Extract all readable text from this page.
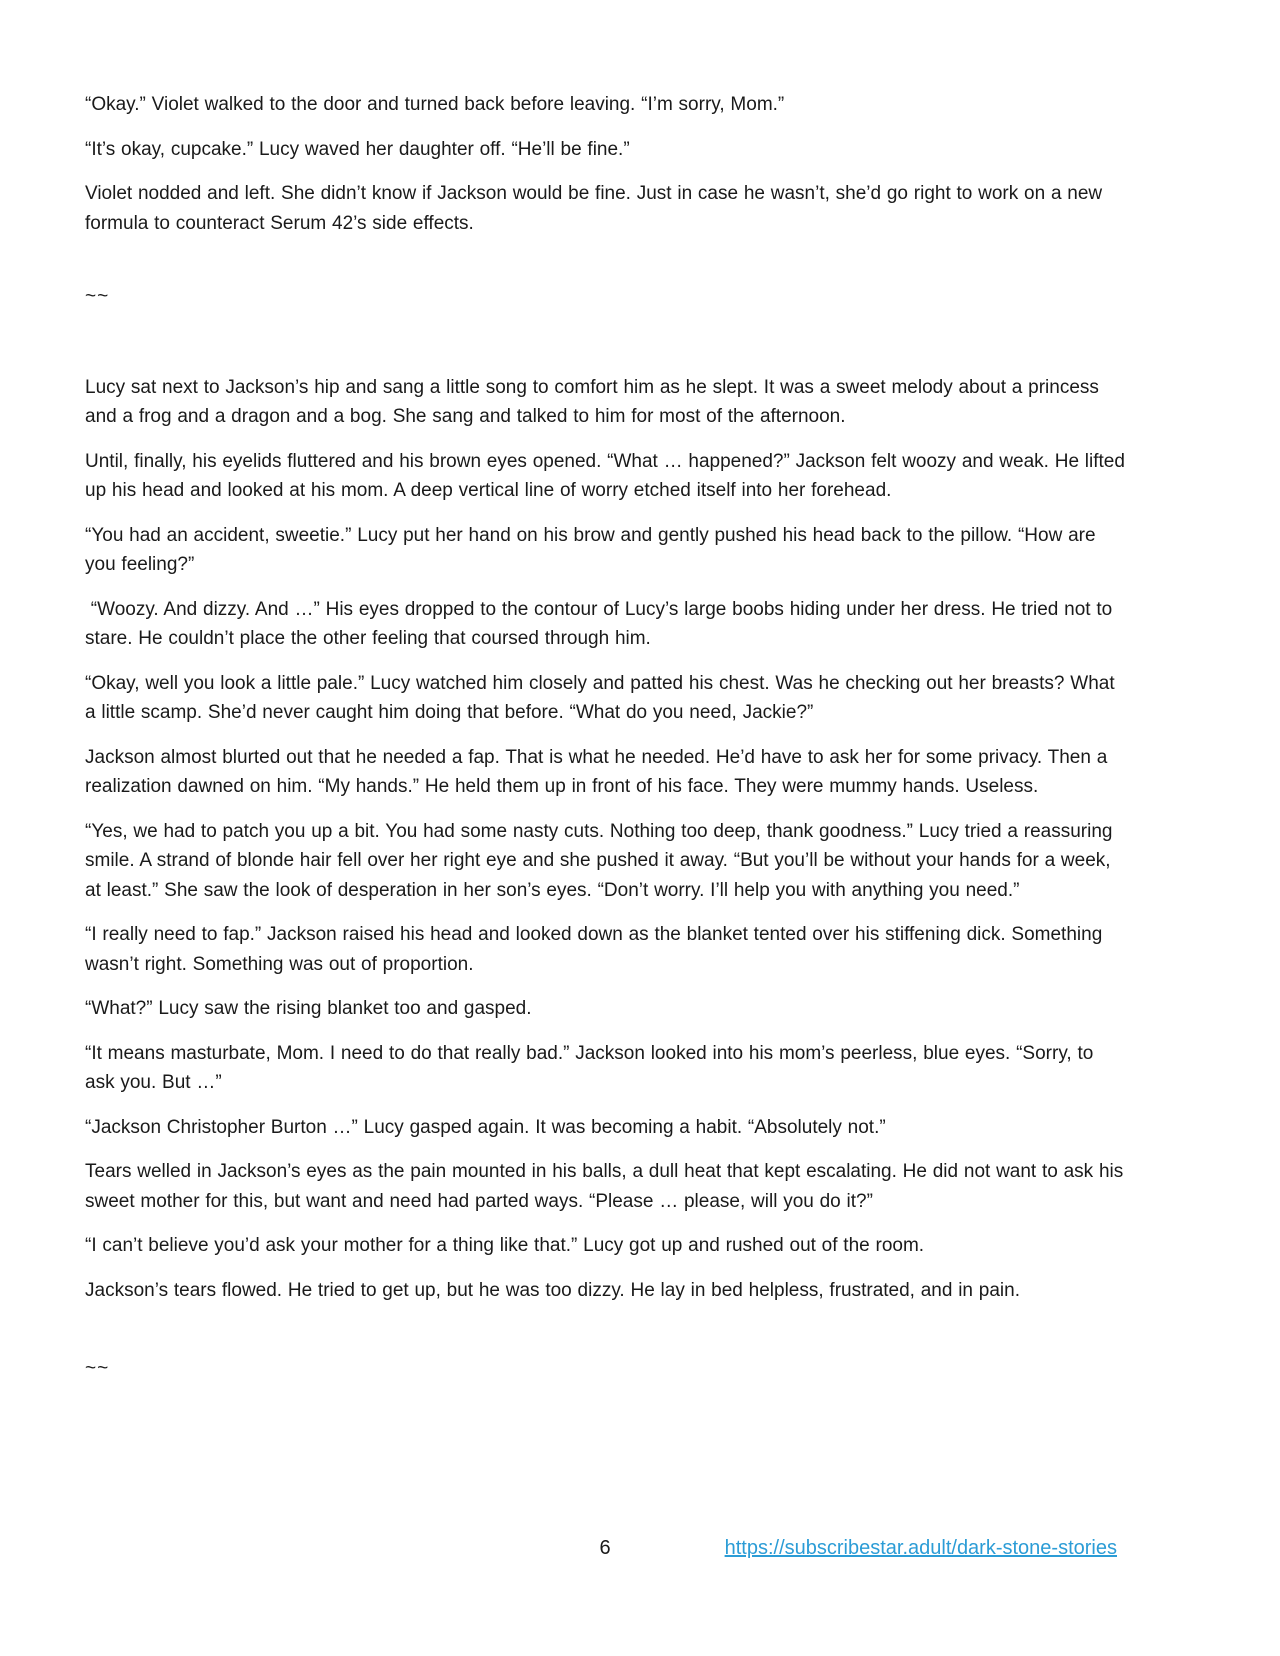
“Okay.” Violet walked to the door and turned back before leaving. “I’m sorry, Mom.”

“It’s okay, cupcake.” Lucy waved her daughter off. “He’ll be fine.”

Violet nodded and left. She didn’t know if Jackson would be fine. Just in case he wasn’t, she’d go right to work on a new formula to counteract Serum 42’s side effects.

~~

Lucy sat next to Jackson’s hip and sang a little song to comfort him as he slept. It was a sweet melody about a princess and a frog and a dragon and a bog. She sang and talked to him for most of the afternoon.

Until, finally, his eyelids fluttered and his brown eyes opened. “What … happened?” Jackson felt woozy and weak. He lifted up his head and looked at his mom. A deep vertical line of worry etched itself into her forehead.

“You had an accident, sweetie.” Lucy put her hand on his brow and gently pushed his head back to the pillow. “How are you feeling?”

“Woozy. And dizzy. And …” His eyes dropped to the contour of Lucy’s large boobs hiding under her dress. He tried not to stare. He couldn’t place the other feeling that coursed through him.

“Okay, well you look a little pale.” Lucy watched him closely and patted his chest. Was he checking out her breasts? What a little scamp. She’d never caught him doing that before. “What do you need, Jackie?”

Jackson almost blurted out that he needed a fap. That is what he needed. He’d have to ask her for some privacy. Then a realization dawned on him. “My hands.” He held them up in front of his face. They were mummy hands. Useless.

“Yes, we had to patch you up a bit. You had some nasty cuts. Nothing too deep, thank goodness.” Lucy tried a reassuring smile. A strand of blonde hair fell over her right eye and she pushed it away. “But you’ll be without your hands for a week, at least.” She saw the look of desperation in her son’s eyes. “Don’t worry. I’ll help you with anything you need.”

“I really need to fap.” Jackson raised his head and looked down as the blanket tented over his stiffening dick. Something wasn’t right. Something was out of proportion.

“What?” Lucy saw the rising blanket too and gasped.

“It means masturbate, Mom. I need to do that really bad.” Jackson looked into his mom’s peerless, blue eyes. “Sorry, to ask you. But …”

“Jackson Christopher Burton …” Lucy gasped again. It was becoming a habit. “Absolutely not.”

Tears welled in Jackson’s eyes as the pain mounted in his balls, a dull heat that kept escalating. He did not want to ask his sweet mother for this, but want and need had parted ways. “Please … please, will you do it?”

“I can’t believe you’d ask your mother for a thing like that.” Lucy got up and rushed out of the room.

Jackson’s tears flowed. He tried to get up, but he was too dizzy. He lay in bed helpless, frustrated, and in pain.

~~

6	https://subscribestar.adult/dark-stone-stories
